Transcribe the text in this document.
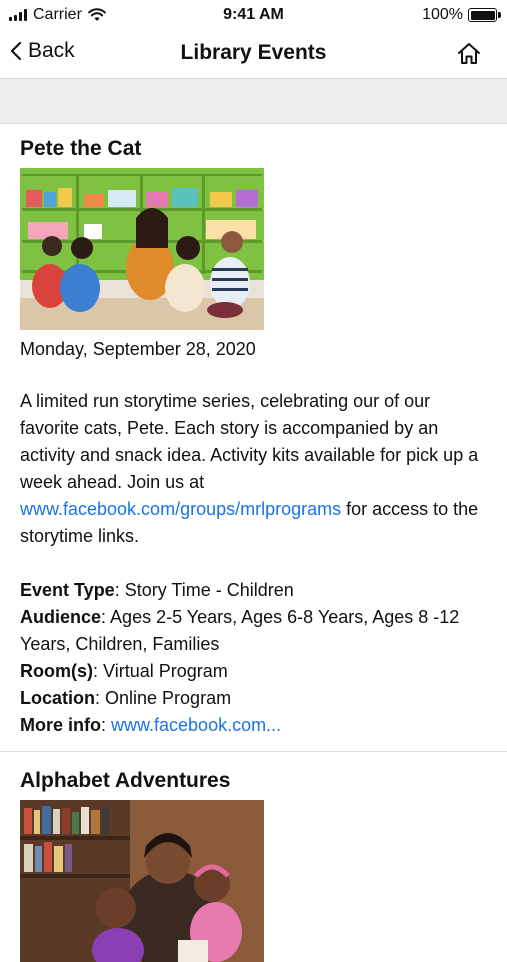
Carrier	9:41 AM	100%
Back	Library Events
Pete the Cat
Monday, September 28, 2020
A limited run storytime series, celebrating our of our favorite cats, Pete. Each story is accompanied by an activity and snack idea. Activity kits available for pick up a week ahead. Join us at www.facebook.com/groups/mrlprograms for access to the storytime links.
Event Type: Story Time - Children
Audience: Ages 2-5 Years, Ages 6-8 Years, Ages 8 -12 Years, Children, Families
Room(s): Virtual Program
Location: Online Program
More info: www.facebook.com...
Alphabet Adventures
